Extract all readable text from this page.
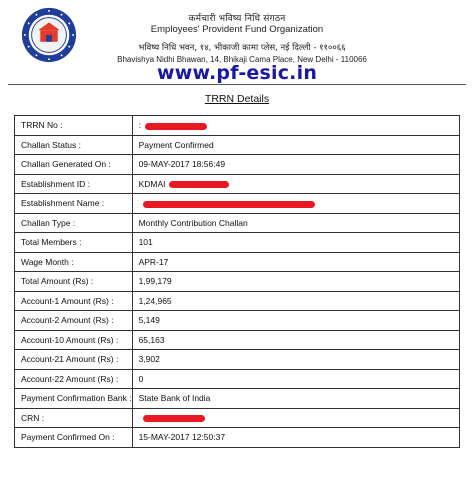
कर्मचारी भविष्य निधि संगठन
Employees' Provident Fund Organization
भविष्य निधि भवन, १४, भीकाजी कामा प्लेस, नई दिल्ली - ११००६६
Bhavishya Nidhi Bhawan, 14, Bhikaji Cama Place, New Delhi - 110066
www.pf-esic.in
TRRN Details
TRRN No :	:
Challan Status :	Payment Confirmed
Challan Generated On :	09-MAY-2017 18:56:49
Establishment ID :	KDMAI
Establishment Name :	
Challan Type :	Monthly Contribution Challan
Total Members :	101
Wage Month :	APR-17
Total Amount (Rs) :	1,99,179
Account-1 Amount (Rs) :	1,24,965
Account-2 Amount (Rs) :	5,149
Account-10 Amount (Rs) :	65,163
Account-21 Amount (Rs) :	3,902
Account-22 Amount (Rs) :	0
Payment Confirmation Bank :	State Bank of India
CRN :	
Payment Confirmed On :	15-MAY-2017 12:50:37
